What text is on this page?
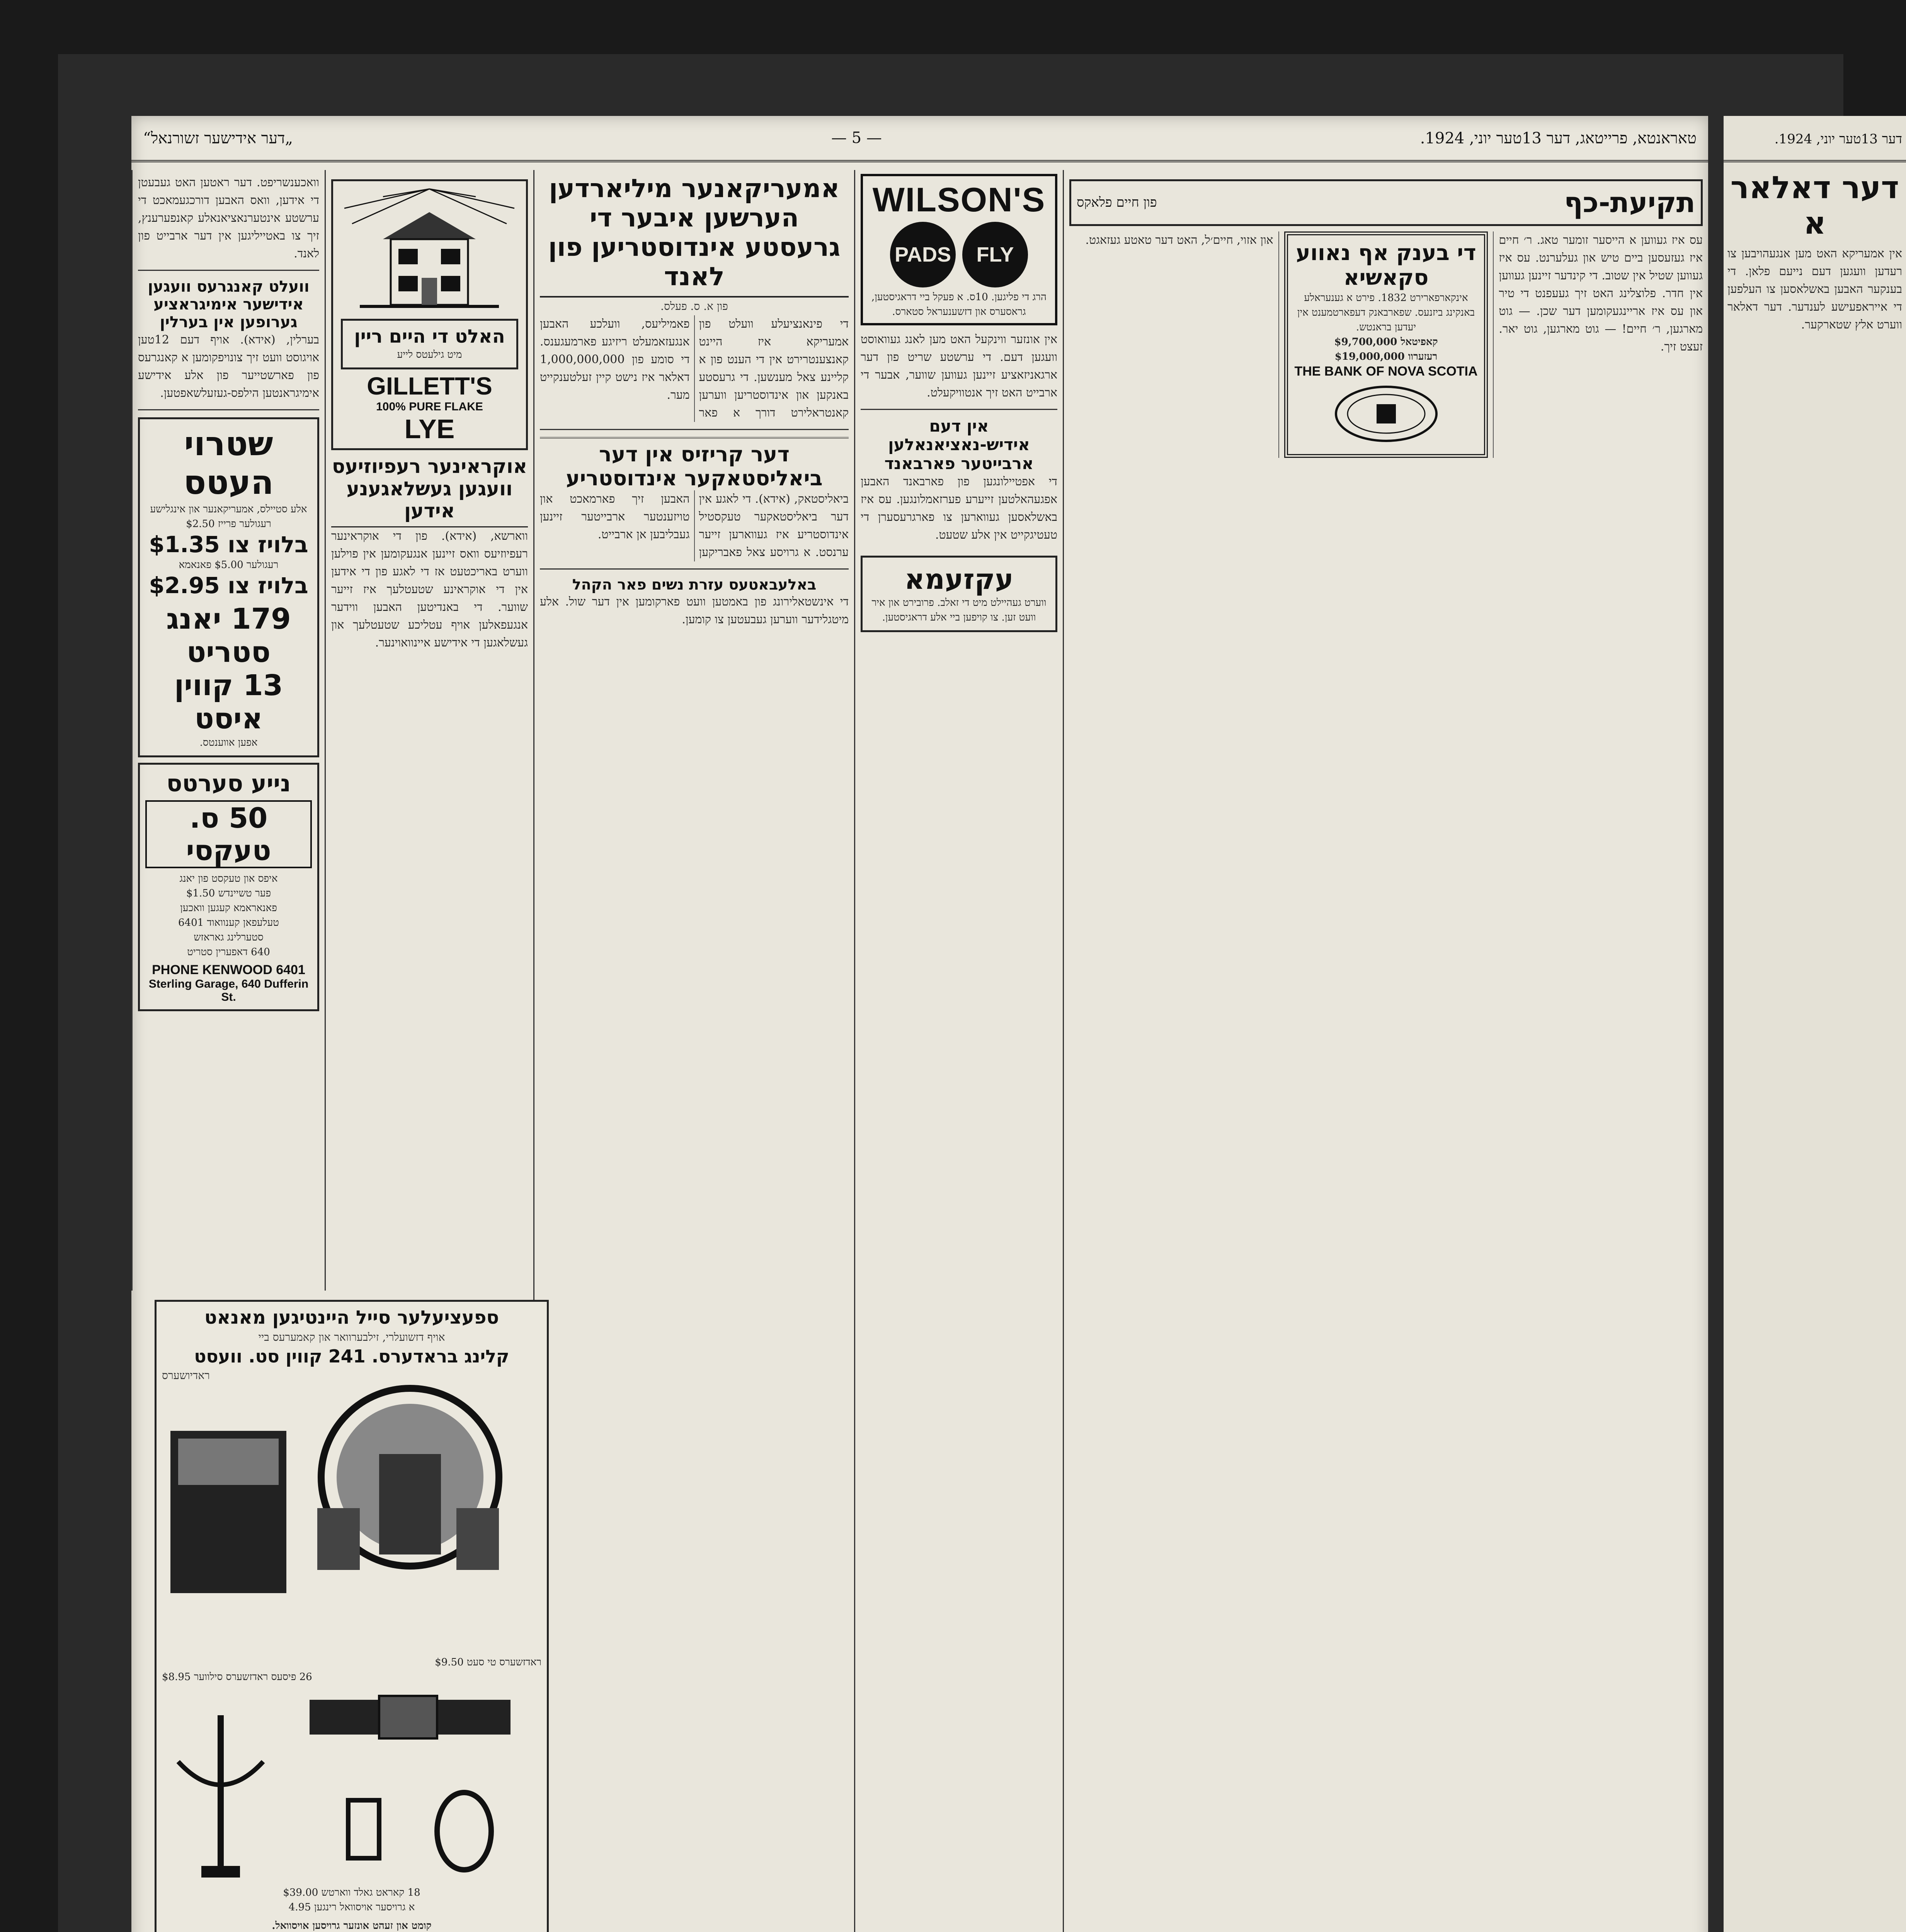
טאראנטא, פרייטאג, דער 13טער יוני, 1924.
— 5 —
„דער אידישער זשורנאל“
וואכענשריפט. דער ראטען האט געבעטן די אידען, וואס האבען דורכגעמאכט די ערשטע אינטערנאציאנאלע קאנפערענץ, זיך צו באטייליגען אין דער ארבייט פון לאנד.
וועלט קאנגרעס וועגען אידישער אימיגראציע גערופען אין בערלין
בערלין, (אידא). אויף דעם 12טען אויגוסט וועט זיך צונויפקומען א קאנגרעס פון פארשטייער פון אלע אידישע אימיגראנטען הילפס-געזעלשאפטען.
שטרוי העטס
אלע סטיילס, אמעריקאנער און אינגלישע
רעגולער פרייז $2.50
בלויז צו $1.35
רעגולער $5.00 פאנאמא
בלויז צו $2.95
179 יאנג סטריט
13 קווין איסט
אפען אווענטס.
נייע סערטס
50 ס. טעקסי
איפס און טעקסט פון יאנג
פער טשיינדש $1.50
פאנאראמא קעגען וואכען
טעלעפאן קענוואוד 6401
סטערלינג גאראזש
640 דאפערין סטריט
PHONE KENWOOD 6401
Sterling Garage, 640 Dufferin St.
האלט די היים ריין
מיט גילעטס לייע
GILLETT'S
100% PURE FLAKE
LYE
אוקראינער רעפיוזיעס וועגען געשלאגענע אידען
ווארשא, (אידא). פון די אוקראינער רעפיוזיעס וואס זיינען אנגעקומען אין פוילען ווערט באריכטעט אז די לאגע פון די אידען אין די אוקראינע שטעטלעך איז זייער שווער. די באנדיטען האבען ווידער אנגעפאלען אויף עטליכע שטעטלעך און געשלאגען די אידישע איינוואוינער.
אמעריקאנער מיליארדען הערשען איבער די גרעסטע אינדוסטריען פון לאנד
פון א. ס. פעלס.
די פינאנציעלע וועלט פון אמעריקא איז היינט קאנצענטרירט אין די הענט פון א קליינע צאל מענשען. די גרעסטע באנקען און אינדוסטריען ווערען קאנטראלירט דורך א פאר פאמיליעס, וועלכע האבען אנגעזאמעלט ריזיגע פארמעגענס. די סומע פון 1,000,000,000 דאלאר איז נישט קיין זעלטענקייט מער.
דער קריזיס אין דער ביאליסטאקער אינדוסטריע
ביאליסטאק, (אידא). די לאגע אין דער ביאליסטאקער טעקסטיל אינדוסטריע איז געווארען זייער ערנסט. א גרויסע צאל פאבריקען האבען זיך פארמאכט און טויזענטער ארבייטער זיינען געבליבען אן ארבייט.
באלעבאטעס עזרת נשים פאר הקהל
די אינשטאלירונג פון באמטען וועט פארקומען אין דער שול. אלע מיטגלידער ווערען געבעטען צו קומען.
WILSON'S
FLY PADS
הרג די פליגען. 10ס. א פעקל ביי דראגיסטען, גראסערס און דזשענעראל סטארס.
אין אונזער ווינקעל האט מען לאנג געוואוסט וועגען דעם. די ערשטע שריט פון דער ארגאניזאציע זיינען געווען שווער, אבער די ארבייט האט זיך אנטוויקעלט.
אין דעם אידיש-נאציאנאלען ארבייטער פארבאנד
די אפטיילונגען פון פארבאנד האבען אפגעהאלטען זייערע פערזאמלונגען. עס איז באשלאסען געווארען צו פארגרעסערן די טעטיגקייט אין אלע שטעט.
עקזעמא
ווערט געהיילט מיט די זאלב. פרובירט און איר וועט זען. צו קויפען ביי אלע דראגיסטען.
תקיעת-כף
פון חיים פלאקס
עס איז געווען א הייסער זומער טאג. ר׳ חיים איז געזעסען ביים טיש און געלערנט. עס איז געווען שטיל אין שטוב. די קינדער זיינען געווען אין חדר. פלוצלינג האט זיך געעפנט די טיר און עס איז אריינגעקומען דער שכן. — גוט מארגען, ר׳ חיים! — גוט מארגען, גוט יאר. זעצט זיך.
די בענק אף נאווע סקאשיא
אינקארפארירט 1832. פירט א גענעראלע באנקינג ביזנעס. שפארבאנק דעפארטמענט אין יעדען בראנטש.
קאפיטאל $9,700,000
רעזערוו $19,000,000
THE BANK OF NOVA SCOTIA
און אזוי, חיים׳ל, האט דער טאטע געזאגט.
ספעציעלער סייל היינטיגען מאנאט
אויף דזשועלרי, זילבערוואר און קאמערעס ביי
קלינג בראדערס. 241 קווין סט. וועסט
ראדיושערס
ראדזשערס טי סעט $9.50
26 פיסעס ראדזשערס סילווער $8.95
18 קאראט גאלד ווארטש $39.00
א גרויסער אויסוואל רינגען 4.95
קומט און זעהט אונזער גרויסען אויסוואל.
דער 13טער יוני, 1924.
דער דאלאר
א
אין אמעריקא האט מען אנגעהויבען צו רעדען וועגען דעם נייעם פלאן. די בענקער האבען באשלאסען צו העלפען די אייראפעישע לענדער. דער דאלאר ווערט אלץ שטארקער.
